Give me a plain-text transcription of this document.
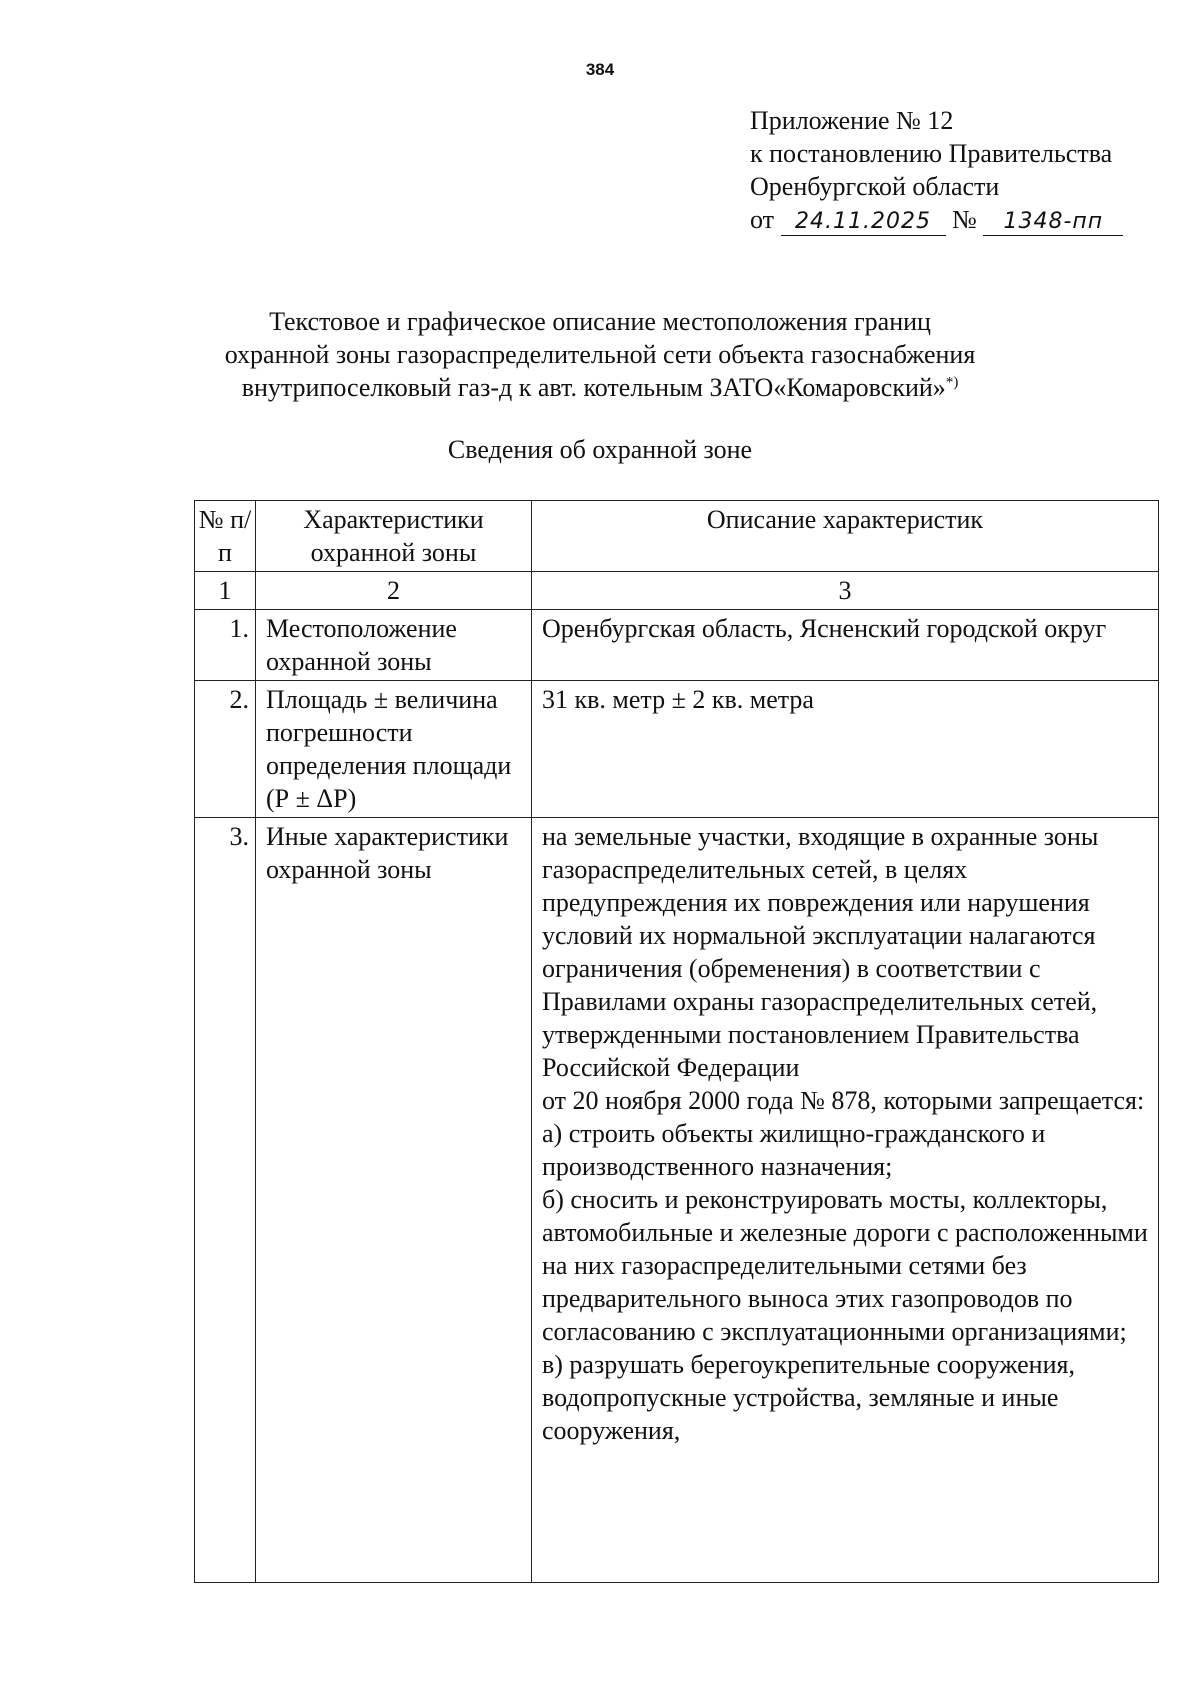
384
Приложение № 12
к постановлению Правительства
Оренбургской области
от 24.11.2025 № 1348-пп
Текстовое и графическое описание местоположения границ
охранной зоны газораспределительной сети объекта газоснабжения
внутрипоселковый газ-д к авт. котельным ЗАТО«Комаровский»*)
Сведения об охранной зоне
№ п/п	Характеристики охранной зоны	Описание характеристик
1	2	3
1.	Местоположение охранной зоны	Оренбургская область, Ясненский городской округ

2.	Площадь ± величина погрешности определения площади (Р ± ΔР)	31 кв. метр ± 2 кв. метра

3.	Иные характеристики охранной зоны	на земельные участки, входящие в охранные зоны газораспределительных сетей, в целях предупреждения их повреждения или нарушения условий их нормальной эксплуатации налагаются ограничения (обременения) в соответствии с Правилами охраны газораспределительных сетей, утвержденными постановлением Правительства Российской Федерации
от 20 ноября 2000 года № 878, которыми запрещается:
а) строить объекты жилищно-гражданского и производственного назначения;
б) сносить и реконструировать мосты, коллекторы, автомобильные и железные дороги с расположенными на них газораспределительными сетями без предварительного выноса этих газопроводов по согласованию с эксплуатационными организациями;
в) разрушать берегоукрепительные сооружения, водопропускные устройства, земляные и иные сооружения,
